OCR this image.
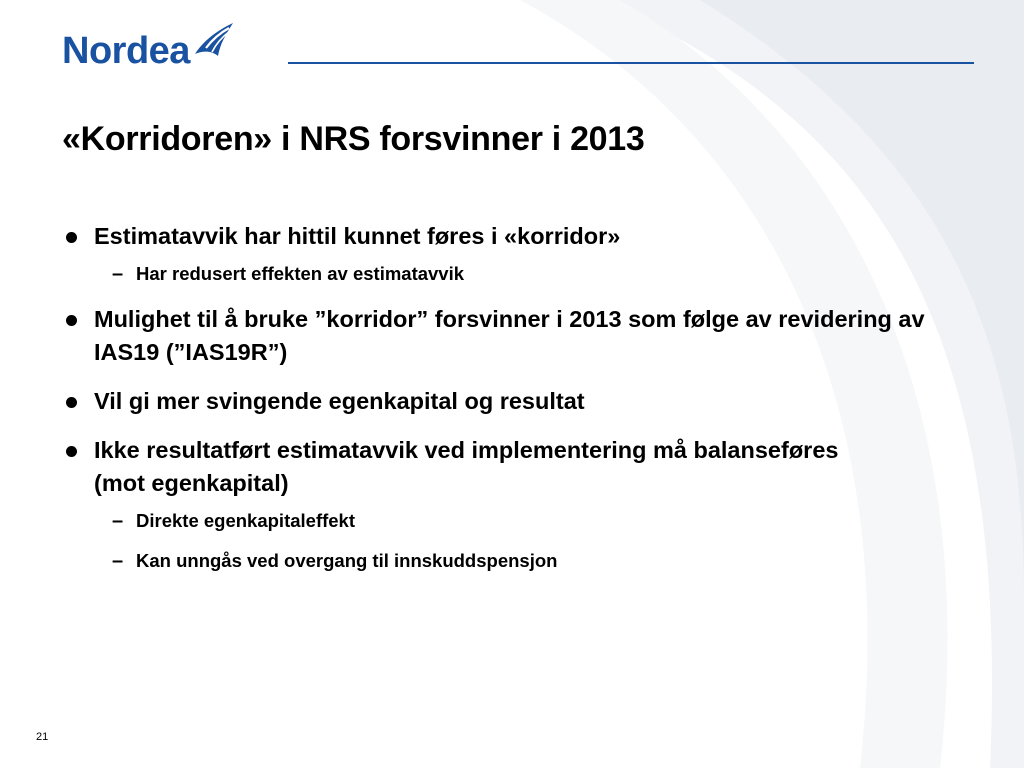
Nordea
«Korridoren» i NRS forsvinner i 2013
Estimatavvik har hittil kunnet føres i «korridor»
– Har redusert effekten av estimatavvik
Mulighet til å bruke ”korridor” forsvinner i 2013 som følge av revidering av IAS19 (”IAS19R”)
Vil gi mer svingende egenkapital og resultat
Ikke resultatført estimatavvik ved implementering må balanseføres (mot egenkapital)
– Direkte egenkapitaleffekt
– Kan unngås ved overgang til innskuddspensjon
21
